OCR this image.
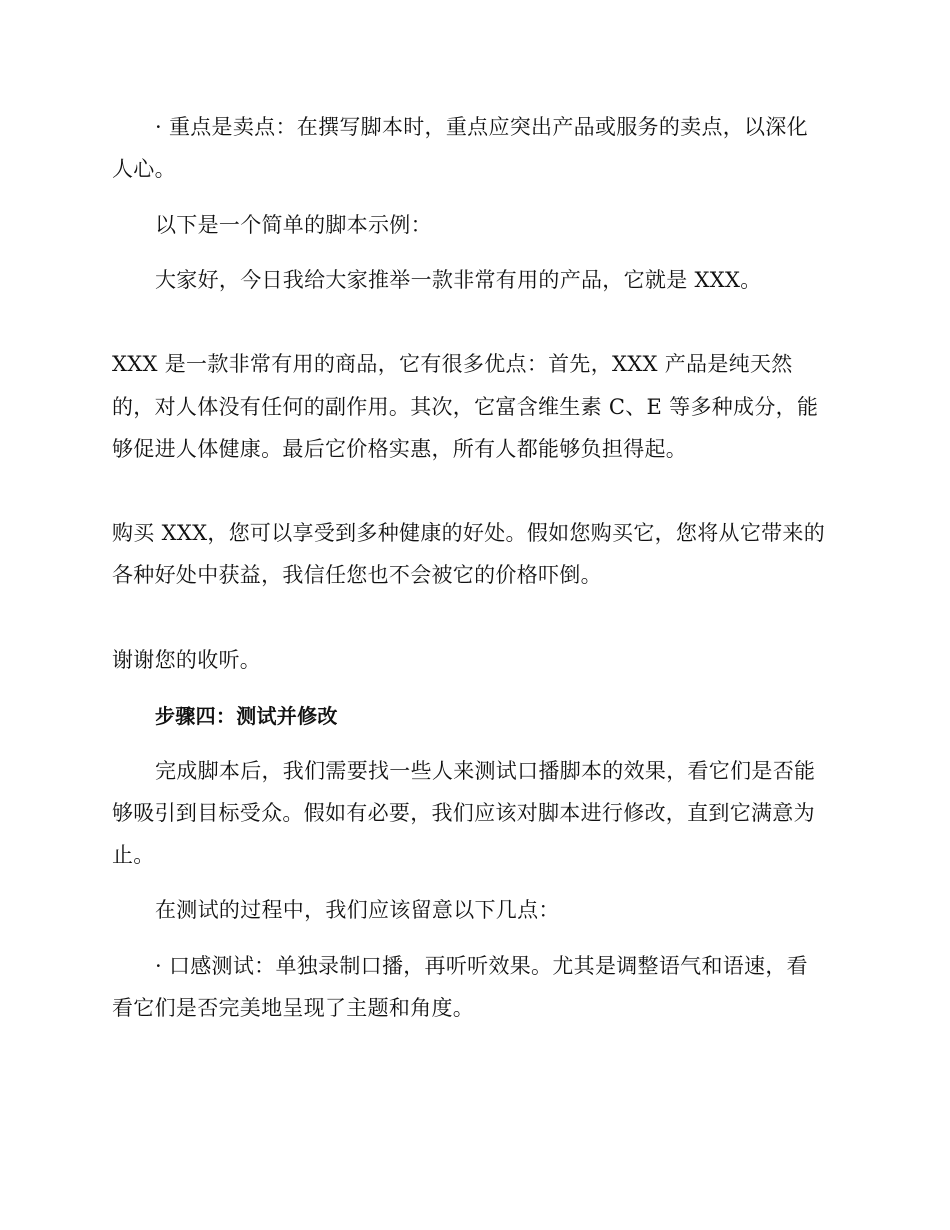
· 重点是卖点：在撰写脚本时，重点应突出产品或服务的卖点，以深化
人心。
以下是一个简单的脚本示例：
大家好，今日我给大家推举一款非常有用的产品，它就是 XXX。
XXX 是一款非常有用的商品，它有很多优点：首先，XXX 产品是纯天然
的，对人体没有任何的副作用。其次，它富含维生素 C、E 等多种成分，能
够促进人体健康。最后它价格实惠，所有人都能够负担得起。
购买 XXX，您可以享受到多种健康的好处。假如您购买它，您将从它带来的
各种好处中获益，我信任您也不会被它的价格吓倒。
谢谢您的收听。
步骤四：测试并修改
完成脚本后，我们需要找一些人来测试口播脚本的效果，看它们是否能
够吸引到目标受众。假如有必要，我们应该对脚本进行修改，直到它满意为
止。
在测试的过程中，我们应该留意以下几点：
· 口感测试：单独录制口播，再听听效果。尤其是调整语气和语速，看
看它们是否完美地呈现了主题和角度。
